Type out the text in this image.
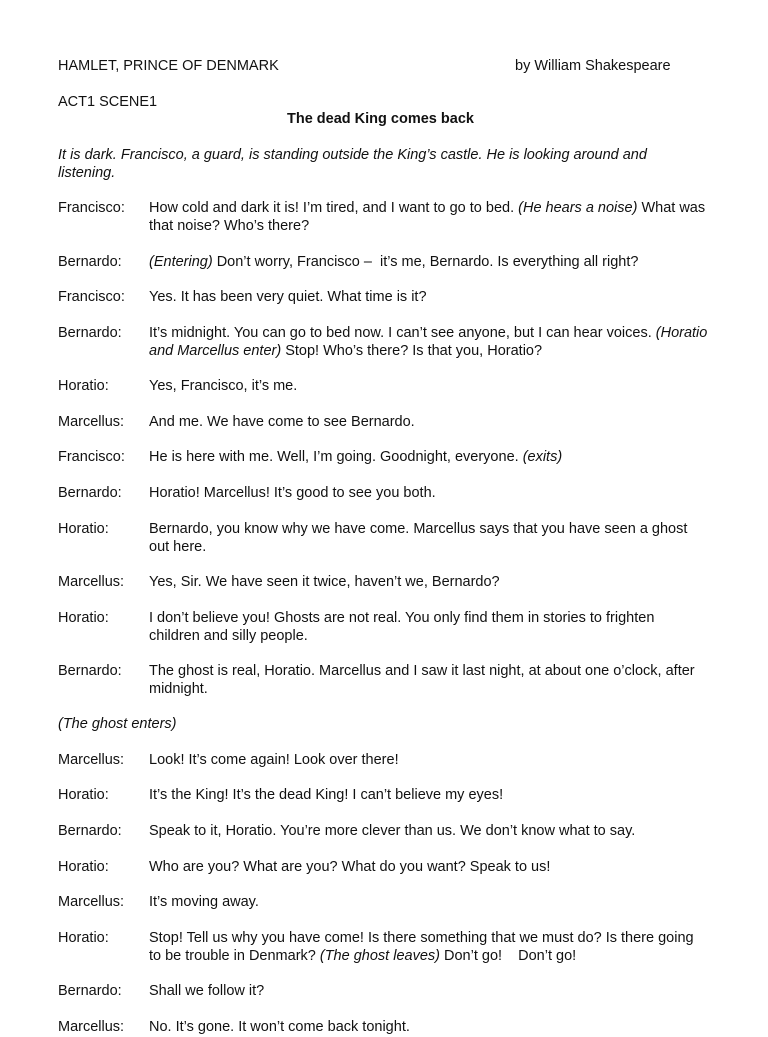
HAMLET, PRINCE OF DENMARK	by William Shakespeare
ACT1 SCENE1
The dead King comes back
It is dark. Francisco, a guard, is standing outside the King’s castle. He is looking around and listening.
Francisco: How cold and dark it is! I’m tired, and I want to go to bed. (He hears a noise) What was that noise? Who’s there?
Bernardo: (Entering) Don’t worry, Francisco –  it’s me, Bernardo. Is everything all right?
Francisco: Yes. It has been very quiet. What time is it?
Bernardo: It’s midnight. You can go to bed now. I can’t see anyone, but I can hear voices. (Horatio and Marcellus enter) Stop! Who’s there? Is that you, Horatio?
Horatio:	Yes, Francisco, it’s me.
Marcellus: And me. We have come to see Bernardo.
Francisco: He is here with me. Well, I’m going. Goodnight, everyone. (exits)
Bernardo: Horatio! Marcellus! It’s good to see you both.
Horatio:	Bernardo, you know why we have come. Marcellus says that you have seen a ghost out here.
Marcellus: Yes, Sir. We have seen it twice, haven’t we, Bernardo?
Horatio:	I don’t believe you! Ghosts are not real. You only find them in stories to frighten children and silly people.
Bernardo: The ghost is real, Horatio. Marcellus and I saw it last night, at about one o’clock, after midnight.
(The ghost enters)
Marcellus: Look! It’s come again! Look over there!
Horatio:	It’s the King! It’s the dead King! I can’t believe my eyes!
Bernardo: Speak to it, Horatio. You’re more clever than us. We don’t know what to say.
Horatio:	Who are you? What are you? What do you want? Speak to us!
Marcellus: It’s moving away.
Horatio:	Stop! Tell us why you have come! Is there something that we must do? Is there going to be trouble in Denmark? (The ghost leaves) Don’t go!    Don’t go!
Bernardo: Shall we follow it?
Marcellus: No. It’s gone. It won’t come back tonight.
